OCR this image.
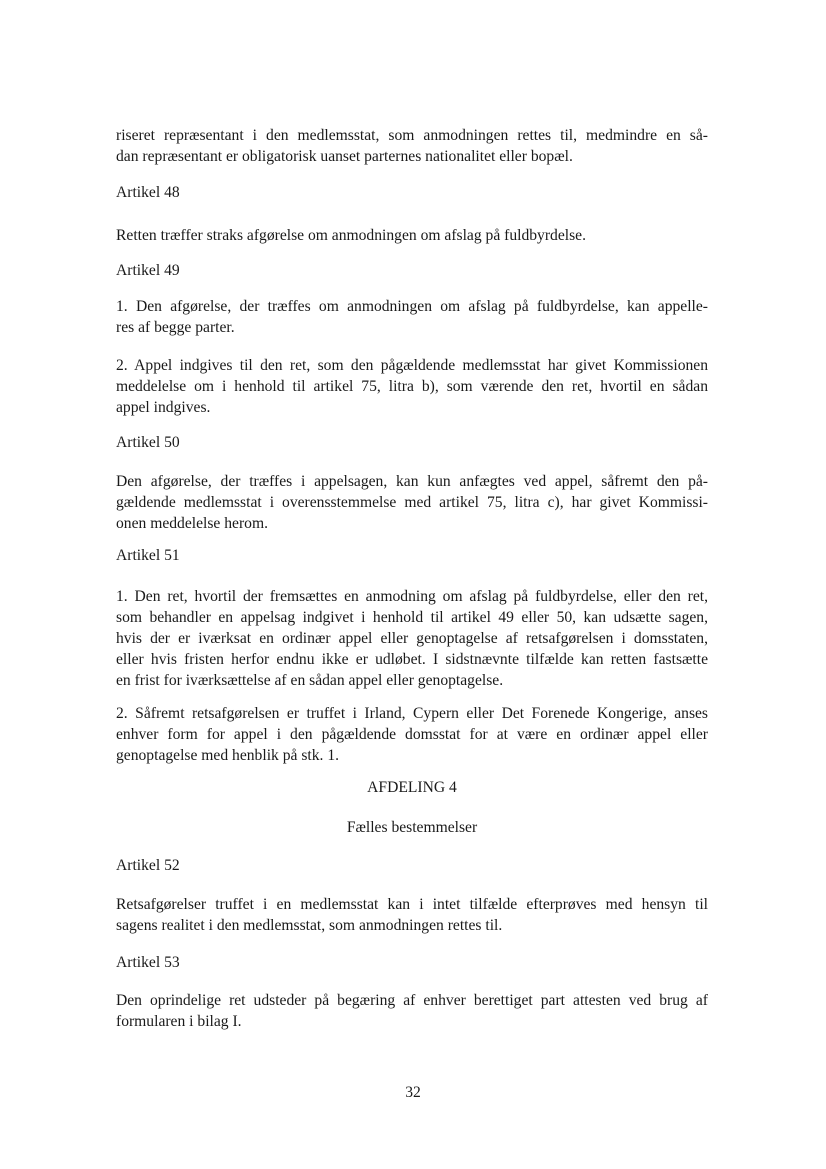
riseret repræsentant i den medlemsstat, som anmodningen rettes til, medmindre en så-
dan repræsentant er obligatorisk uanset parternes nationalitet eller bopæl.

Artikel 48

Retten træffer straks afgørelse om anmodningen om afslag på fuldbyrdelse.

Artikel 49

1. Den afgørelse, der træffes om anmodningen om afslag på fuldbyrdelse, kan appelle-
res af begge parter.

2. Appel indgives til den ret, som den pågældende medlemsstat har givet Kommissionen
meddelelse om i henhold til artikel 75, litra b), som værende den ret, hvortil en sådan
appel indgives.

Artikel 50

Den afgørelse, der træffes i appelsagen, kan kun anfægtes ved appel, såfremt den på-
gældende medlemsstat i overensstemmelse med artikel 75, litra c), har givet Kommissi-
onen meddelelse herom.

Artikel 51

1. Den ret, hvortil der fremsættes en anmodning om afslag på fuldbyrdelse, eller den ret,
som behandler en appelsag indgivet i henhold til artikel 49 eller 50, kan udsætte sagen,
hvis der er iværksat en ordinær appel eller genoptagelse af retsafgørelsen i domsstaten,
eller hvis fristen herfor endnu ikke er udløbet. I sidstnævnte tilfælde kan retten fastsætte
en frist for iværksættelse af en sådan appel eller genoptagelse.

2. Såfremt retsafgørelsen er truffet i Irland, Cypern eller Det Forenede Kongerige, anses
enhver form for appel i den pågældende domsstat for at være en ordinær appel eller
genoptagelse med henblik på stk. 1.

AFDELING 4

Fælles bestemmelser

Artikel 52

Retsafgørelser truffet i en medlemsstat kan i intet tilfælde efterprøves med hensyn til
sagens realitet i den medlemsstat, som anmodningen rettes til.

Artikel 53

Den oprindelige ret udsteder på begæring af enhver berettiget part attesten ved brug af
formularen i bilag I.

32
